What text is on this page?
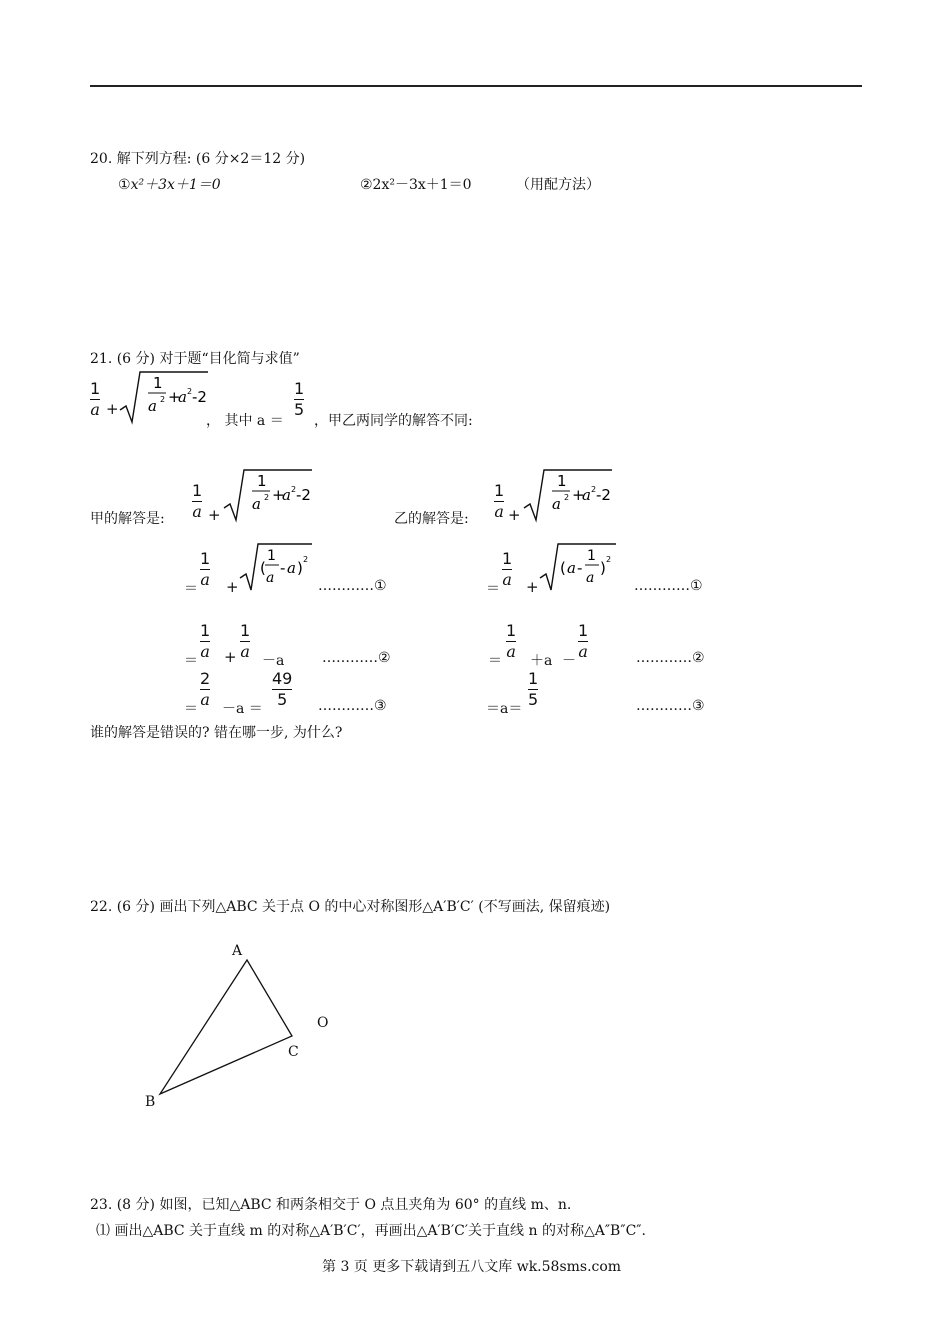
20. 解下列方程: (6 分×2＝12 分)
①x²＋3x＋1＝0	②2x²－3x＋1＝0	（用配方法）
21. (6 分) 对于题“目化简与求值”
1
a +
1
a 2 +
a 2 -2
， 其中 a ＝
1
5
，甲乙两同学的解答不同:
甲的解答是:
1
a +
1
a 2 +
a 2 -2
乙的解答是:
1
a +
1
a 2 +
a 2 -2
＝
1
a +
(
1
a
- a ) 2
…………①	＝
1
a +
( a -
1
a
) 2
…………①
＝
1
a +
1
a －a	…………②	＝
1
a ＋a －
1
a	…………②
＝
2
a －a ＝
49
5 …………③	＝a＝
1
5	…………③
谁的解答是错误的? 错在哪一步, 为什么?
22. (6 分) 画出下列△ABC 关于点 O 的中心对称图形△A′B′C′ (不写画法, 保留痕迹)
A
C
B
O
23. (8 分) 如图，已知△ABC 和两条相交于 O 点且夹角为 60° 的直线 m、n.
⑴ 画出△ABC 关于直线 m 的对称△A′B′C′，再画出△A′B′C′关于直线 n 的对称△A″B″C″.
第 3 页 更多下载请到五八文库 wk.58sms.com
